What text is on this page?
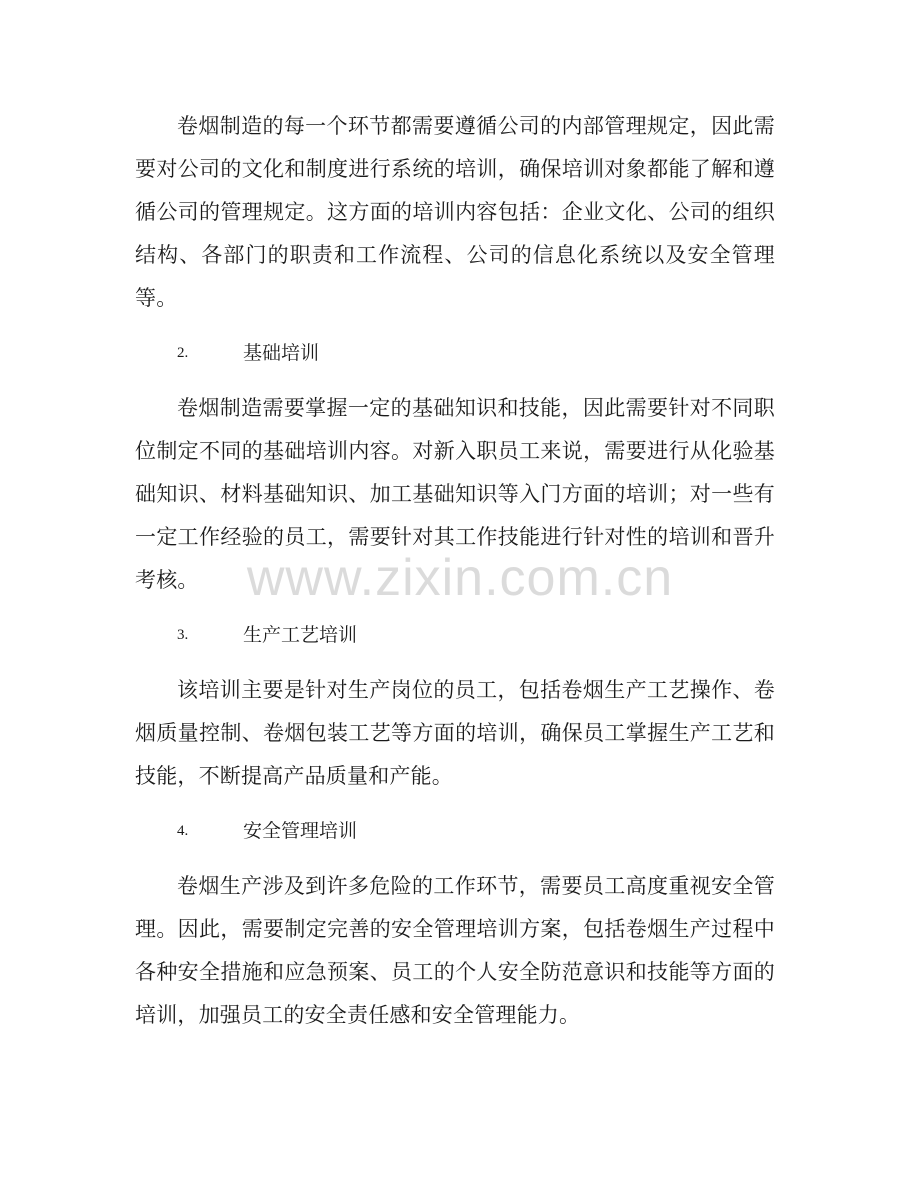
卷烟制造的每一个环节都需要遵循公司的内部管理规定，因此需要对公司的文化和制度进行系统的培训，确保培训对象都能了解和遵循公司的管理规定。这方面的培训内容包括：企业文化、公司的组织结构、各部门的职责和工作流程、公司的信息化系统以及安全管理等。

2.	基础培训

卷烟制造需要掌握一定的基础知识和技能，因此需要针对不同职位制定不同的基础培训内容。对新入职员工来说，需要进行从化验基础知识、材料基础知识、加工基础知识等入门方面的培训；对一些有一定工作经验的员工，需要针对其工作技能进行针对性的培训和晋升考核。

3.	生产工艺培训

该培训主要是针对生产岗位的员工，包括卷烟生产工艺操作、卷烟质量控制、卷烟包装工艺等方面的培训，确保员工掌握生产工艺和技能，不断提高产品质量和产能。

4.	安全管理培训

卷烟生产涉及到许多危险的工作环节，需要员工高度重视安全管理。因此，需要制定完善的安全管理培训方案，包括卷烟生产过程中各种安全措施和应急预案、员工的个人安全防范意识和技能等方面的培训，加强员工的安全责任感和安全管理能力。

www.zixin.com.cn
